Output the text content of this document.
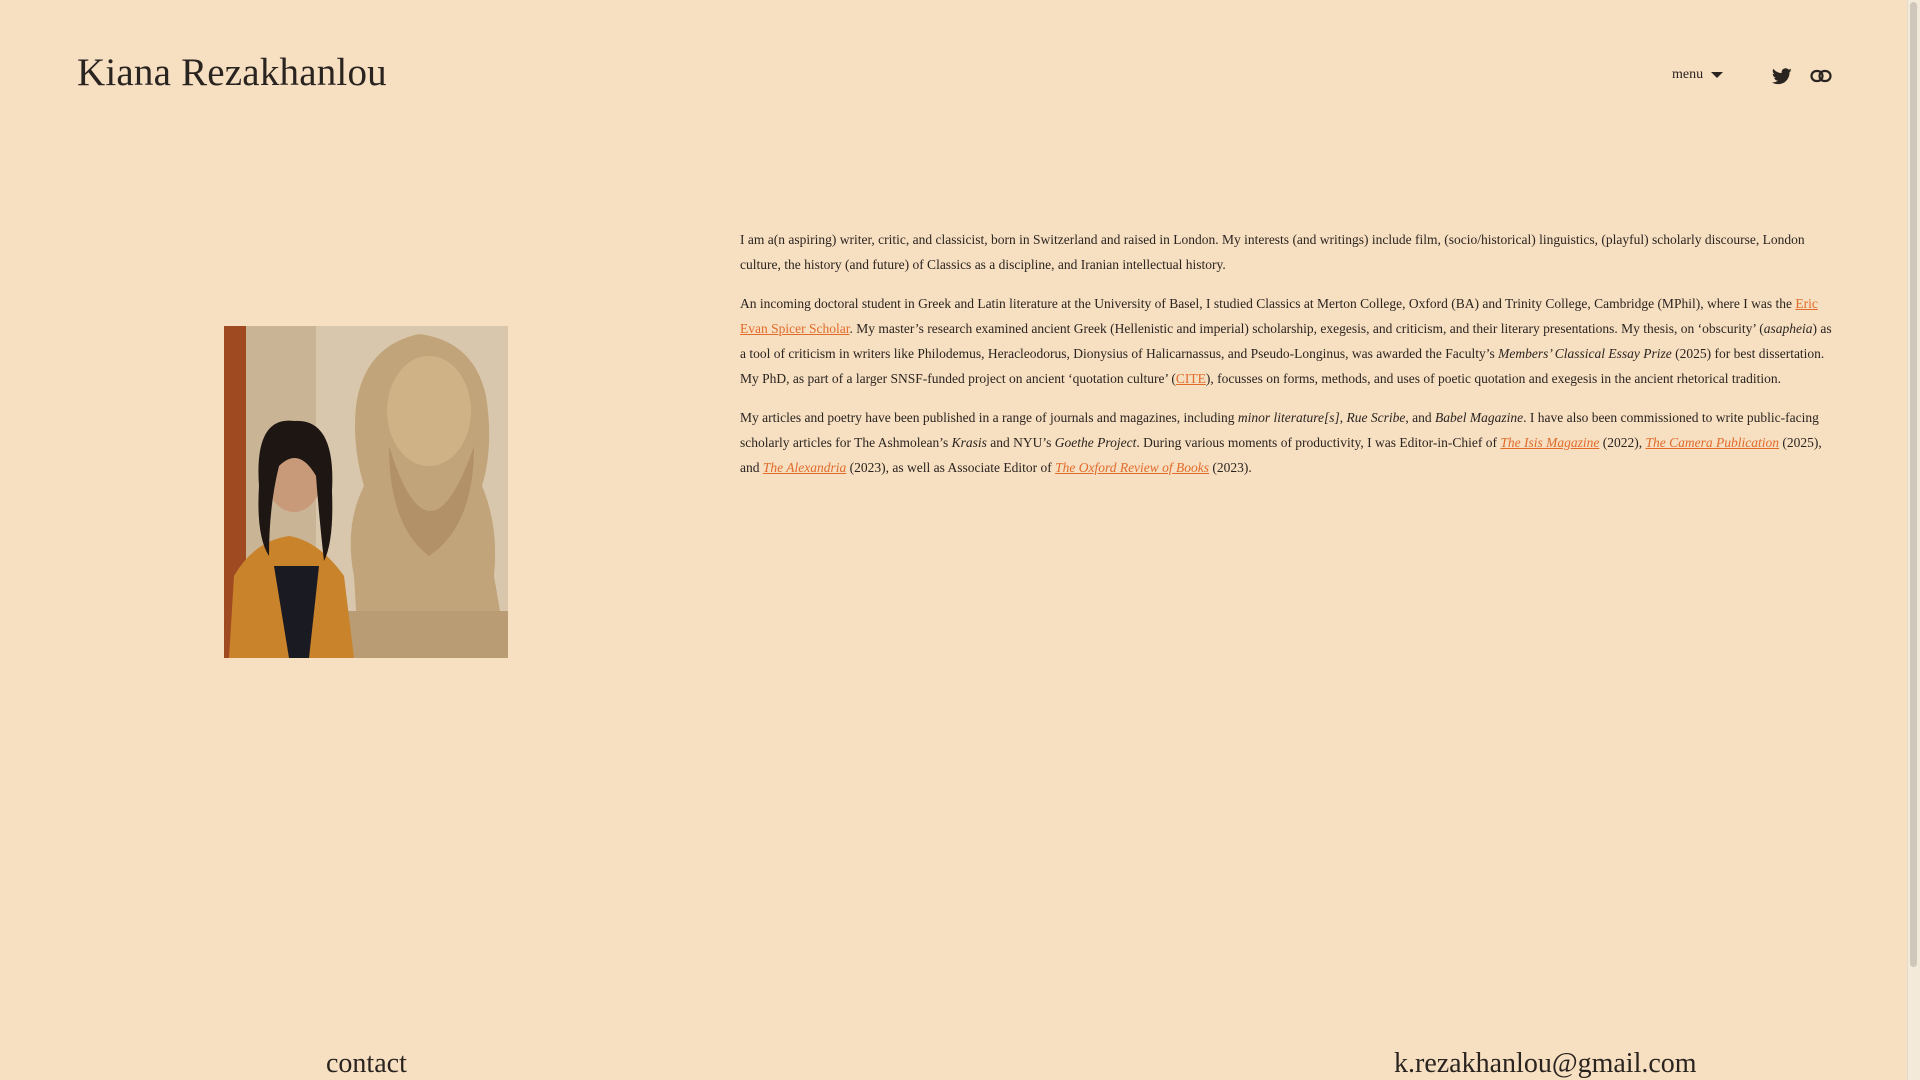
Kiana Rezakhanlou	menu

I am a(n aspiring) writer, critic, and classicist, born in Switzerland and raised in London. My interests (and writings) include film, (socio/historical) linguistics, (playful) scholarly discourse, London culture, the history (and future) of Classics as a discipline, and Iranian intellectual history.

An incoming doctoral student in Greek and Latin literature at the University of Basel, I studied Classics at Merton College, Oxford (BA) and Trinity College, Cambridge (MPhil), where I was the Eric Evan Spicer Scholar. My master’s research examined ancient Greek (Hellenistic and imperial) scholarship, exegesis, and criticism, and their literary presentations. My thesis, on ‘obscurity’ (asapheia) as a tool of criticism in writers like Philodemus, Heracleodorus, Dionysius of Halicarnassus, and Pseudo-Longinus, was awarded the Faculty’s Members’ Classical Essay Prize (2025) for best dissertation. My PhD, as part of a larger SNSF-funded project on ancient ‘quotation culture’ (CITE), focusses on forms, methods, and uses of poetic quotation and exegesis in the ancient rhetorical tradition.

My articles and poetry have been published in a range of journals and magazines, including minor literature[s], Rue Scribe, and Babel Magazine. I have also been commissioned to write public-facing scholarly articles for The Ashmolean’s Krasis and NYU’s Goethe Project. During various moments of productivity, I was Editor-in-Chief of The Isis Magazine (2022), The Camera Publication (2025), and The Alexandria (2023), as well as Associate Editor of The Oxford Review of Books (2023).

contact	k.rezakhanlou@gmail.com
